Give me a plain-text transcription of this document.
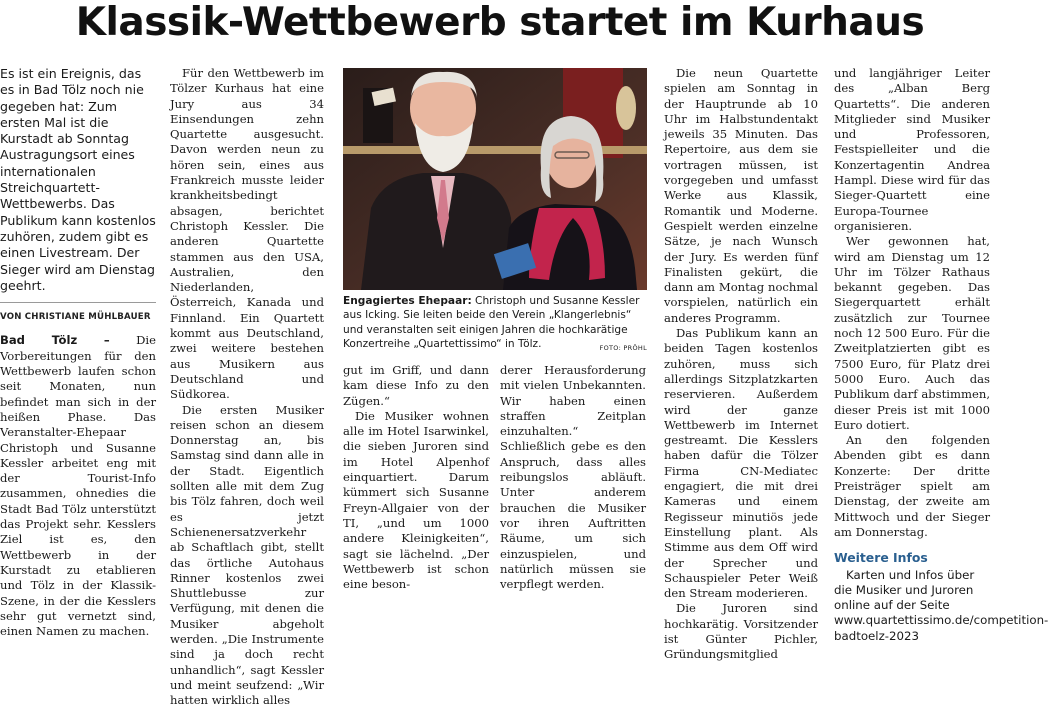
Klassik-Wettbewerb startet im Kurhaus

Es ist ein Ereignis, das es in Bad Tölz noch nie gegeben hat: Zum ersten Mal ist die Kurstadt ab Sonntag Austragungsort eines internationalen Streichquartett-Wettbewerbs. Das Publikum kann kostenlos zuhören, zudem gibt es einen Livestream. Der Sieger wird am Dienstag geehrt.

VON CHRISTIANE MÜHLBAUER

Bad Tölz – Die Vorbereitungen für den Wettbewerb laufen schon seit Monaten, nun befindet man sich in der heißen Phase. Das Veranstalter-Ehepaar Christoph und Susanne Kessler arbeitet eng mit der Tourist-Info zusammen, ohnedies die Stadt Bad Tölz unterstützt das Projekt sehr. Kesslers Ziel ist es, den Wettbewerb in der Kurstadt zu etablieren und Tölz in der Klassik-Szene, in der die Kesslers sehr gut vernetzt sind, einen Namen zu machen.

Für den Wettbewerb im Tölzer Kurhaus hat eine Jury aus 34 Einsendungen zehn Quartette ausgesucht. Davon werden neun zu hören sein, eines aus Frankreich musste leider krankheitsbedingt absagen, berichtet Christoph Kessler. Die anderen Quartette stammen aus den USA, Australien, den Niederlanden, Österreich, Kanada und Finnland. Ein Quartett kommt aus Deutschland, zwei weitere bestehen aus Musikern aus Deutschland und Südkorea.

Die ersten Musiker reisen schon an diesem Donnerstag an, bis Samstag sind dann alle in der Stadt. Eigentlich sollten alle mit dem Zug bis Tölz fahren, doch weil es jetzt Schienenersatzverkehr ab Schaftlach gibt, stellt das örtliche Autohaus Rinner kostenlos zwei Shuttlebusse zur Verfügung, mit denen die Musiker abgeholt werden. „Die Instrumente sind ja doch recht unhandlich“, sagt Kessler und meint seufzend: „Wir hatten wirklich alles

Engagiertes Ehepaar: Christoph und Susanne Kessler aus Icking. Sie leiten beide den Verein „Klangerlebnis“ und veranstalten seit einigen Jahren die hochkarätige Konzertreihe „Quartettissimo“ in Tölz.	FOTO: PRÖHL

gut im Griff, und dann kam diese Info zu den Zügen.“

Die Musiker wohnen alle im Hotel Isarwinkel, die sieben Juroren sind im Hotel Alpenhof einquartiert. Darum kümmert sich Susanne Freyn-Allgaier von der TI, „und um 1000 andere Kleinigkeiten“, sagt sie lächelnd. „Der Wettbewerb ist schon eine beson-

derer Herausforderung mit vielen Unbekannten. Wir haben einen straffen Zeitplan einzuhalten.“ Schließlich gebe es den Anspruch, dass alles reibungslos abläuft. Unter anderem brauchen die Musiker vor ihren Auftritten Räume, um sich einzuspielen, und natürlich müssen sie verpflegt werden.

Die neun Quartette spielen am Sonntag in der Hauptrunde ab 10 Uhr im Halbstundentakt jeweils 35 Minuten. Das Repertoire, aus dem sie vortragen müssen, ist vorgegeben und umfasst Werke aus Klassik, Romantik und Moderne. Gespielt werden einzelne Sätze, je nach Wunsch der Jury. Es werden fünf Finalisten gekürt, die dann am Montag nochmal vorspielen, natürlich ein anderes Programm.

Das Publikum kann an beiden Tagen kostenlos zuhören, muss sich allerdings Sitzplatzkarten reservieren. Außerdem wird der ganze Wettbewerb im Internet gestreamt. Die Kesslers haben dafür die Tölzer Firma CN-Mediatec engagiert, die mit drei Kameras und einem Regisseur minutiös jede Einstellung plant. Als Stimme aus dem Off wird der Sprecher und Schauspieler Peter Weiß den Stream moderieren.

Die Juroren sind hochkarätig. Vorsitzender ist Günter Pichler, Gründungsmitglied

und langjähriger Leiter des „Alban Berg Quartetts“. Die anderen Mitglieder sind Musiker und Professoren, Festspielleiter und die Konzertagentin Andrea Hampl. Diese wird für das Sieger-Quartett eine Europa-Tournee organisieren.

Wer gewonnen hat, wird am Dienstag um 12 Uhr im Tölzer Rathaus bekannt gegeben. Das Siegerquartett erhält zusätzlich zur Tournee noch 12 500 Euro. Für die Zweitplatzierten gibt es 7500 Euro, für Platz drei 5000 Euro. Auch das Publikum darf abstimmen, dieser Preis ist mit 1000 Euro dotiert.

An den folgenden Abenden gibt es dann Konzerte: Der dritte Preisträger spielt am Dienstag, der zweite am Mittwoch und der Sieger am Donnerstag.

Weitere Infos

Karten und Infos über die Musiker und Juroren online auf der Seite www.quartettissimo.de/competition-badtoelz-2023
